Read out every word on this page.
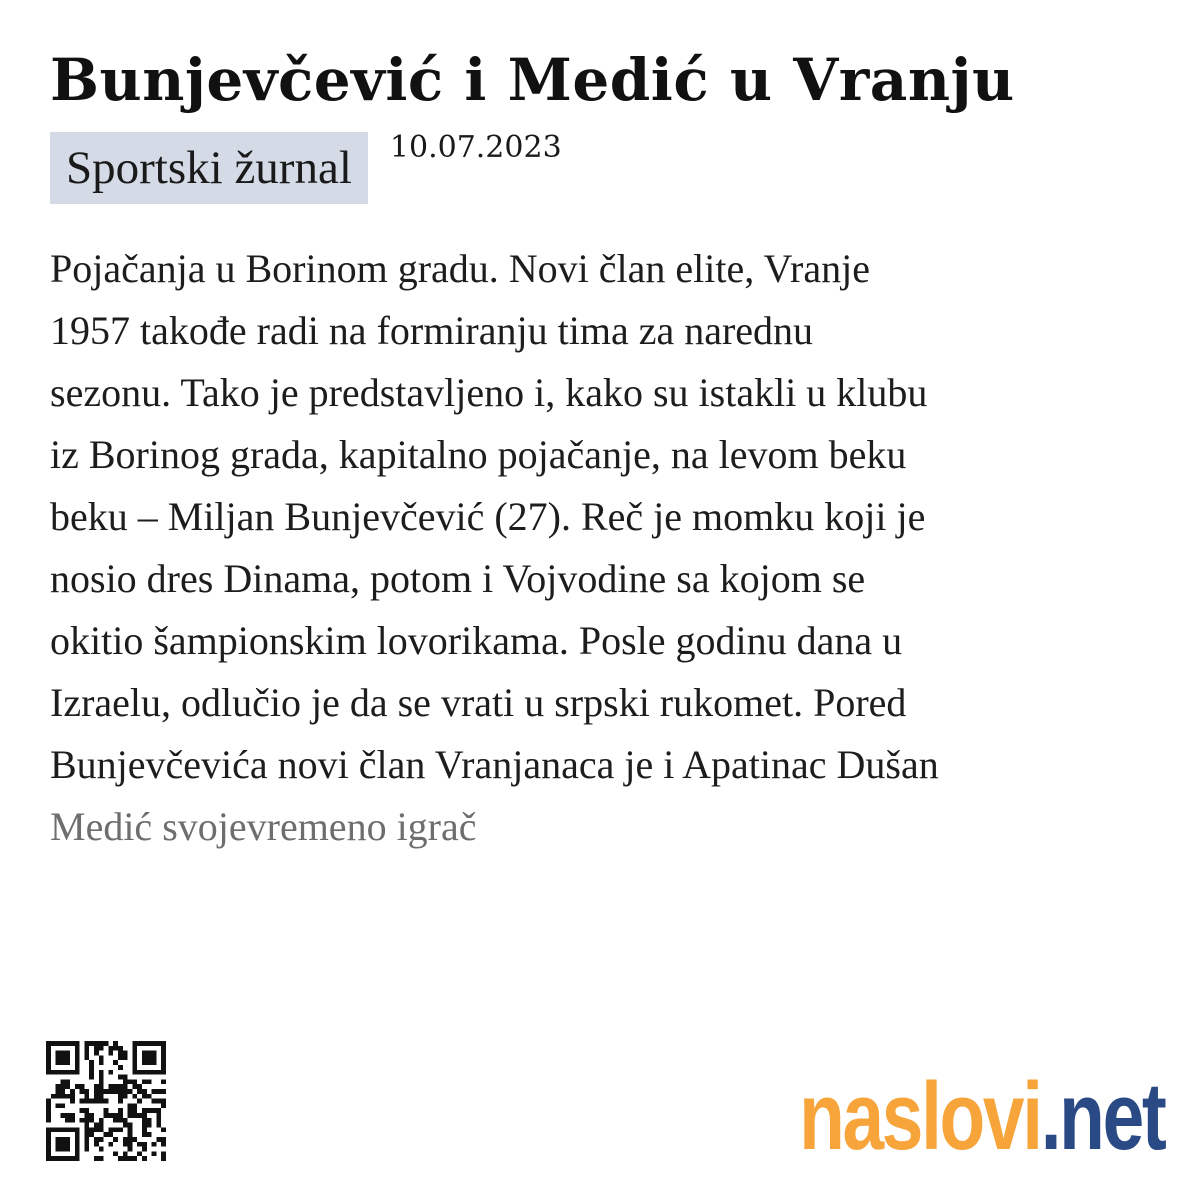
Bunjevčević i Medić u Vranju
Sportski žurnal	10.07.2023
Pojačanja u Borinom gradu. Novi član elite, Vranje
1957 takođe radi na formiranju tima za narednu
sezonu. Tako je predstavljeno i, kako su istakli u klubu
iz Borinog grada, kapitalno pojačanje, na levom beku
beku – Miljan Bunjevčević (27). Reč je momku koji je
nosio dres Dinama, potom i Vojvodine sa kojom se
okitio šampionskim lovorikama. Posle godinu dana u
Izraelu, odlučio je da se vrati u srpski rukomet. Pored
Bunjevčevića novi član Vranjanaca je i Apatinac Dušan
Medić svojevremeno igrač
naslovi.net
